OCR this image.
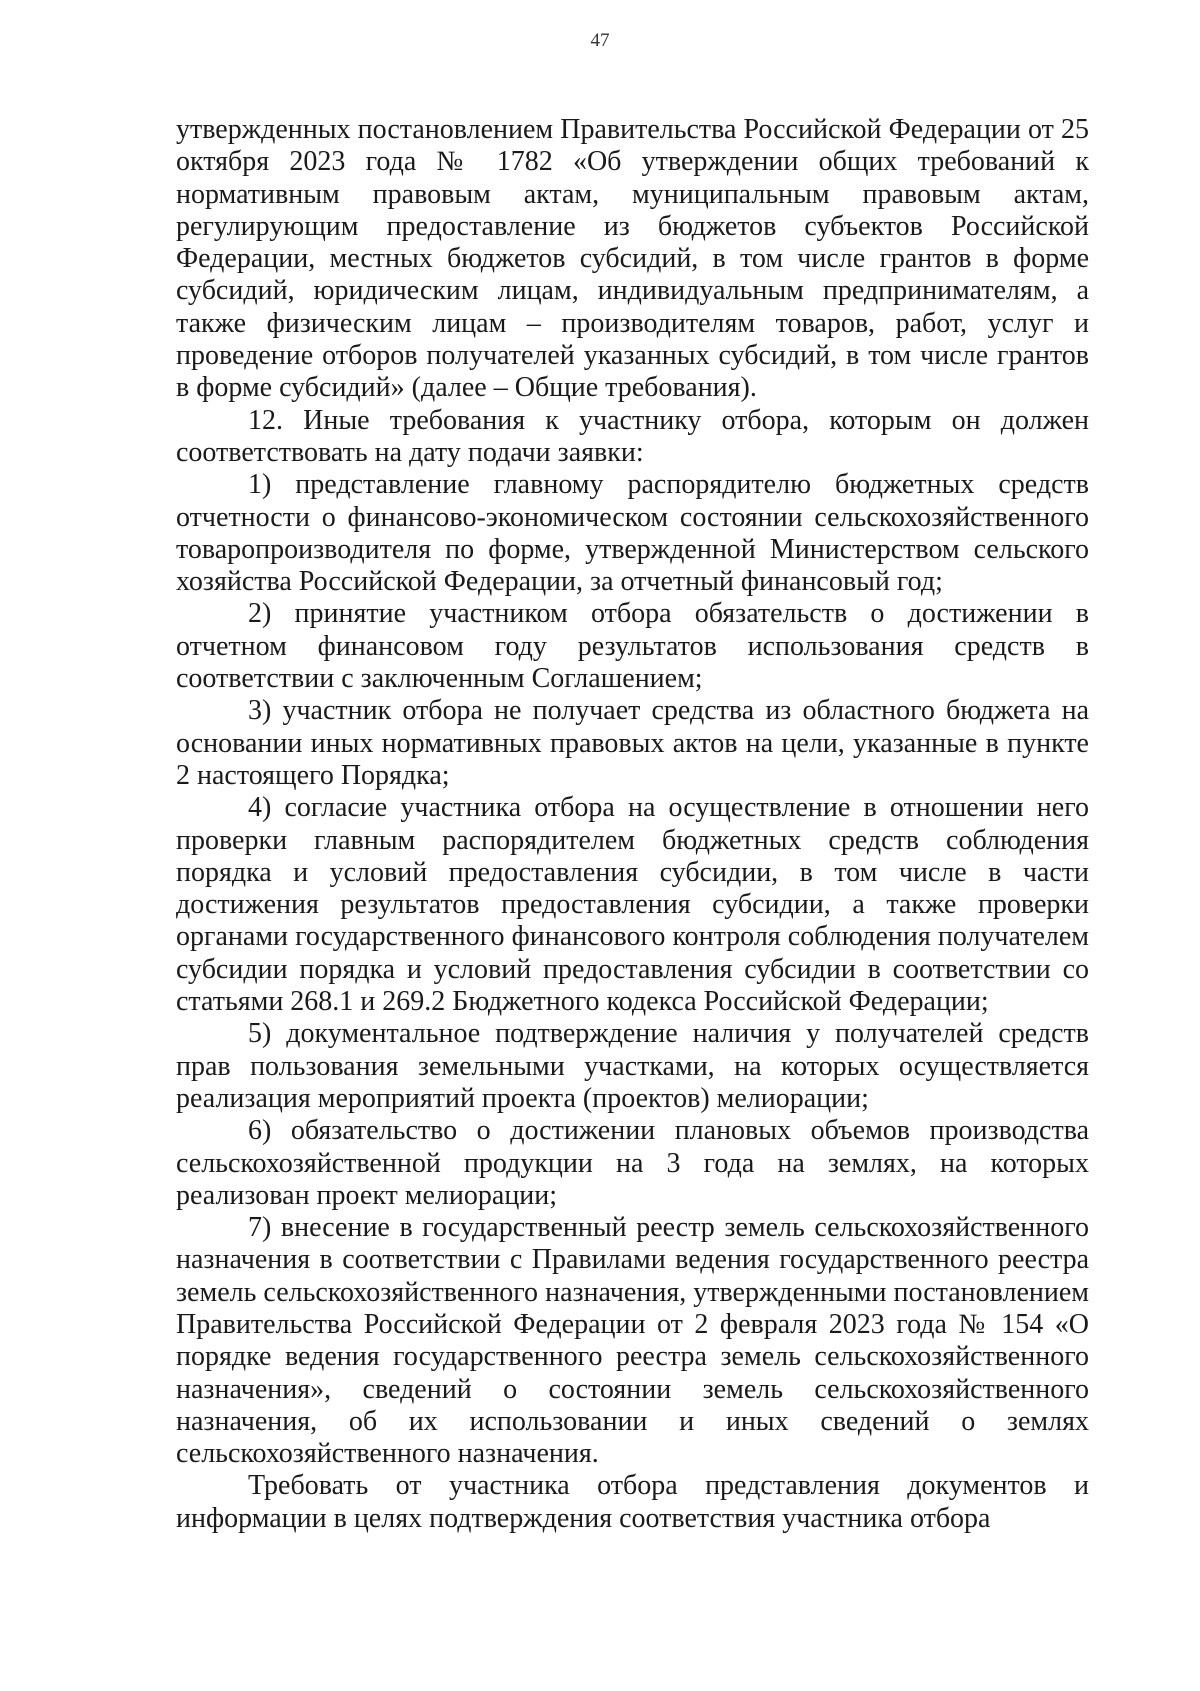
47

утвержденных постановлением Правительства Российской Федерации от 25 октября 2023 года № 1782 «Об утверждении общих требований к нормативным правовым актам, муниципальным правовым актам, регулирующим предоставление из бюджетов субъектов Российской Федерации, местных бюджетов субсидий, в том числе грантов в форме субсидий, юридическим лицам, индивидуальным предпринимателям, а также физическим лицам – производителям товаров, работ, услуг и проведение отборов получателей указанных субсидий, в том числе грантов в форме субсидий» (далее – Общие требования).

12. Иные требования к участнику отбора, которым он должен соответствовать на дату подачи заявки:

1) представление главному распорядителю бюджетных средств отчетности о финансово-экономическом состоянии сельскохозяйственного товаропроизводителя по форме, утвержденной Министерством сельского хозяйства Российской Федерации, за отчетный финансовый год;

2) принятие участником отбора обязательств о достижении в отчетном финансовом году результатов использования средств в соответствии с заключенным Соглашением;

3) участник отбора не получает средства из областного бюджета на основании иных нормативных правовых актов на цели, указанные в пункте 2 настоящего Порядка;

4) согласие участника отбора на осуществление в отношении него проверки главным распорядителем бюджетных средств соблюдения порядка и условий предоставления субсидии, в том числе в части достижения результатов предоставления субсидии, а также проверки органами государственного финансового контроля соблюдения получателем субсидии порядка и условий предоставления субсидии в соответствии со статьями 268.1 и 269.2 Бюджетного кодекса Российской Федерации;

5) документальное подтверждение наличия у получателей средств прав пользования земельными участками, на которых осуществляется реализация мероприятий проекта (проектов) мелиорации;

6) обязательство о достижении плановых объемов производства сельскохозяйственной продукции на 3 года на землях, на которых реализован проект мелиорации;

7) внесение в государственный реестр земель сельскохозяйственного назначения в соответствии с Правилами ведения государственного реестра земель сельскохозяйственного назначения, утвержденными постановлением Правительства Российской Федерации от 2 февраля 2023 года № 154 «О порядке ведения государственного реестра земель сельскохозяйственного назначения», сведений о состоянии земель сельскохозяйственного назначения, об их использовании и иных сведений о землях сельскохозяйственного назначения.

Требовать от участника отбора представления документов и информации в целях подтверждения соответствия участника отбора
